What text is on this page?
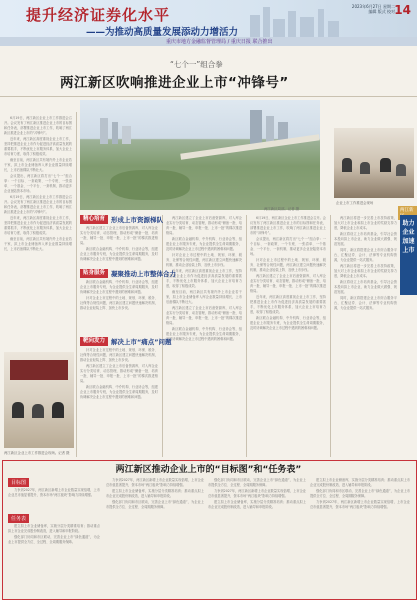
提升经济证券化水平
——为推动高质量发展添动力增活力
2023年6月27日 星期二
编辑 版式 校对 14
重庆市地方金融监督管理局 / 重庆日报 联合推出
“七个一”组合拳
两江新区吹响推进企业上市“冲锋号”

6月19日，两江新区企业上市工作推进会召开。会议发布了两江新区推进企业上市的目标图和任务表，部署推进企业上市工作，吹响了两江新区推进企业上市的“冲锋号”。

近年来，两江新区高度重视企业上市工作，坚持把推进企业上市作为促进经济高质量发展的重要抓手，不断优化上市服务体系，加大企业上市培育力度，取得了积极成效。

截至目前，两江新区共有境内外上市企业若干家，拟上市企业储备库入库企业数量持续增长，上市后备梯队不断壮大。

会议提出，两江新区将打出“七个一”组合拳：一个目标、一套政策、一个专班、一张清单、一个基金、一个平台、一套机制，推动更多企业登陆资本市场。

6月19日，两江新区企业上市工作推进会召开。会议发布了两江新区推进企业上市的目标图和任务表，部署推进企业上市工作，吹响了两江新区推进企业上市的“冲锋号”。

近年来，两江新区高度重视企业上市工作，坚持把推进企业上市作为促进经济高质量发展的重要抓手，不断优化上市服务体系，加大企业上市培育力度，取得了积极成效。

截至目前，两江新区共有境内外上市企业若干家，拟上市企业储备库入库企业数量持续增长，上市后备梯队不断壮大。

两江新区局部。记者 摄
企业上市工作推进会现场
精心培育 形成上市资源梯队

两江新区建立了企业上市后备资源库，对入库企业实行分类培育、动态管理，推动形成“储备一批、培育一批、辅导一批、申报一批、上市一批”的梯次推进格局。

新区联合金融机构、中介机构、行业协会等，组建企业上市服务专班，为企业提供全生命周期服务，及时协调解决企业上市过程中遇到的困难和问题。

两江新区建立了企业上市后备资源库，对入库企业实行分类培育、动态管理，推动形成“储备一批、培育一批、辅导一批、申报一批、上市一批”的梯次推进格局。

新区联合金融机构、中介机构、行业协会等，组建企业上市服务专班，为企业提供全生命周期服务，及时协调解决企业上市过程中遇到的困难和问题。

针对企业上市过程中的土地、规划、环保、税务、社保等合规性问题，两江新区建立问题快速解决机制，推动企业轻装上阵、加快上市步伐。

近年来，两江新区高度重视企业上市工作，坚持把推进企业上市作为促进经济高质量发展的重要抓手，不断优化上市服务体系，加大企业上市培育力度，取得了积极成效。

截至目前，两江新区共有境内外上市企业若干家，拟上市企业储备库入库企业数量持续增长，上市后备梯队不断壮大。

两江新区建立了企业上市后备资源库，对入库企业实行分类培育、动态管理，推动形成“储备一批、培育一批、辅导一批、申报一批、上市一批”的梯次推进格局。

新区联合金融机构、中介机构、行业协会等，组建企业上市服务专班，为企业提供全生命周期服务，及时协调解决企业上市过程中遇到的困难和问题。

贴身服务 凝聚推动上市整体合力

新区联合金融机构、中介机构、行业协会等，组建企业上市服务专班，为企业提供全生命周期服务，及时协调解决企业上市过程中遇到的困难和问题。

针对企业上市过程中的土地、规划、环保、税务、社保等合规性问题，两江新区建立问题快速解决机制，推动企业轻装上阵、加快上市步伐。

靶向发力 解决上市“痛点”问题

针对企业上市过程中的土地、规划、环保、税务、社保等合规性问题，两江新区建立问题快速解决机制，推动企业轻装上阵、加快上市步伐。

两江新区建立了企业上市后备资源库，对入库企业实行分类培育、动态管理，推动形成“储备一批、培育一批、辅导一批、申报一批、上市一批”的梯次推进格局。

新区联合金融机构、中介机构、行业协会等，组建企业上市服务专班，为企业提供全生命周期服务，及时协调解决企业上市过程中遇到的困难和问题。

6月19日，两江新区企业上市工作推进会召开。会议发布了两江新区推进企业上市的目标图和任务表，部署推进企业上市工作，吹响了两江新区推进企业上市的“冲锋号”。

会议提出，两江新区将打出“七个一”组合拳：一个目标、一套政策、一个专班、一张清单、一个基金、一个平台、一套机制，推动更多企业登陆资本市场。

针对企业上市过程中的土地、规划、环保、税务、社保等合规性问题，两江新区建立问题快速解决机制，推动企业轻装上阵、加快上市步伐。

两江新区建立了企业上市后备资源库，对入库企业实行分类培育、动态管理，推动形成“储备一批、培育一批、辅导一批、申报一批、上市一批”的梯次推进格局。

近年来，两江新区高度重视企业上市工作，坚持把推进企业上市作为促进经济高质量发展的重要抓手，不断优化上市服务体系，加大企业上市培育力度，取得了积极成效。

新区联合金融机构、中介机构、行业协会等，组建企业上市服务专班，为企业提供全生命周期服务，及时协调解决企业上市过程中遇到的困难和问题。

两江新
助力企业加速上市

两江新区将进一步完善上市扶持政策，加大对上市企业和拟上市企业的奖励支持力度，降低企业上市成本。

新区将设立上市培育基金，引导社会资本投向拟上市企业，助力企业做大做强、规范发展。

同时，新区将搭建企业上市综合服务平台，汇聚证券、会计、法律等专业机构资源，为企业提供一站式服务。

两江新区将进一步完善上市扶持政策，加大对上市企业和拟上市企业的奖励支持力度，降低企业上市成本。

新区将设立上市培育基金，引导社会资本投向拟上市企业，助力企业做大做强、规范发展。

同时，新区将搭建企业上市综合服务平台，汇聚证券、会计、法律等专业机构资源，为企业提供一站式服务。

两江新区企业上市工作推进会现场。记者 摄
两江新区推动企业上市的“目标图”和“任务表”
目标图
任务表

力争到2027年，两江新区新增上市企业数量实现倍增，上市企业总市值显著提升，资本市场“两江板块”影响力持续增强。

建立拟上市企业储备库，实施分层分类精准培育；推动重点拟上市企业完成股份制改造，进入辅导和申报阶段。

强化部门协同和市区联动，完善企业上市“绿色通道”，为企业上市提供全方位、全过程、全周期服务保障。

力争到2027年，两江新区新增上市企业数量实现倍增，上市企业总市值显著提升，资本市场“两江板块”影响力持续增强。

建立拟上市企业储备库，实施分层分类精准培育；推动重点拟上市企业完成股份制改造，进入辅导和申报阶段。

强化部门协同和市区联动，完善企业上市“绿色通道”，为企业上市提供全方位、全过程、全周期服务保障。

强化部门协同和市区联动，完善企业上市“绿色通道”，为企业上市提供全方位、全过程、全周期服务保障。

力争到2027年，两江新区新增上市企业数量实现倍增，上市企业总市值显著提升，资本市场“两江板块”影响力持续增强。

建立拟上市企业储备库，实施分层分类精准培育；推动重点拟上市企业完成股份制改造，进入辅导和申报阶段。

建立拟上市企业储备库，实施分层分类精准培育；推动重点拟上市企业完成股份制改造，进入辅导和申报阶段。

强化部门协同和市区联动，完善企业上市“绿色通道”，为企业上市提供全方位、全过程、全周期服务保障。

力争到2027年，两江新区新增上市企业数量实现倍增，上市企业总市值显著提升，资本市场“两江板块”影响力持续增强。
